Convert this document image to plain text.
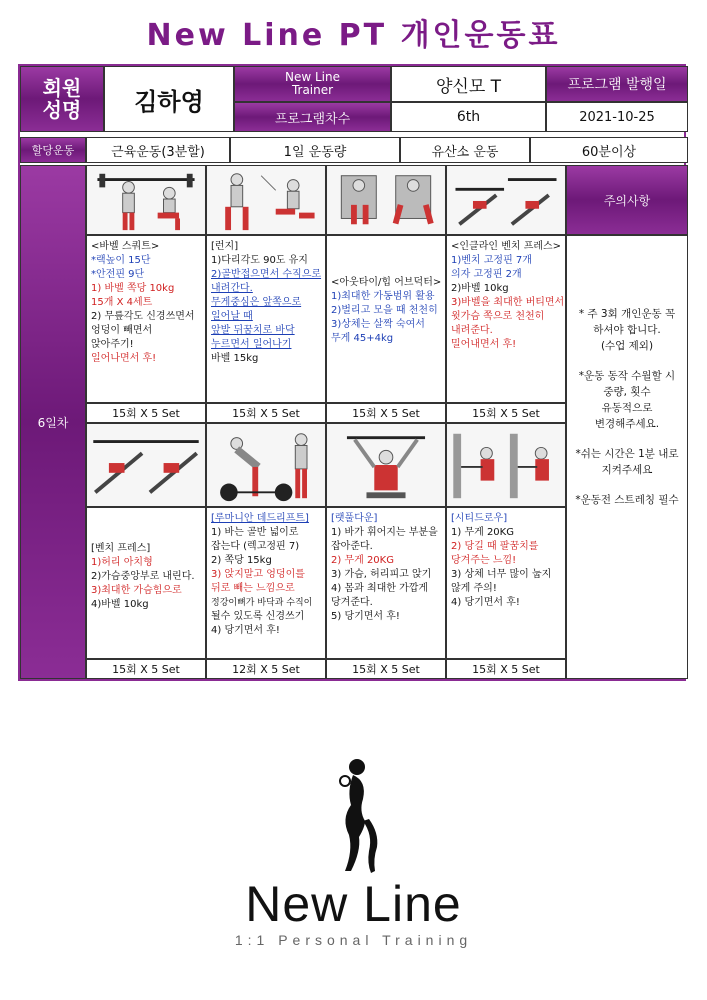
New Line PT 개인운동표
회원
성명	김하영
New Line
Trainer	양신모 T	프로그램 발행일
프로그램차수	6th	2021-10-25
할당운동	근육운동(3분할)	1일 운동량	유산소 운동	60분이상
6일차
주의사항

* 주 3회 개인운동 꼭
하셔야 합니다.
(수업 제외)

*운동 동작 수월할 시
중량, 횟수
유동적으로
변경해주세요.

*쉬는 시간은 1분 내로
지켜주세요

*운동전 스트레칭 필수

<바벨 스쿼트>
*랙높이 15단
*안전핀 9단
1) 바벨 쪽당 10kg
15개 X 4세트
2) 무릎각도 신경쓰면서
엉덩이 빼면서
앉아주기!
일어나면서 후!
[런지]
1)다리각도 90도 유지
2)골반접으면서 수직으로
내려간다.
무게중심은 앞쪽으로
일어날 때
앞발 뒤꿈치로 바닥
누르면서 일어나기
바벨 15kg
<아웃타이/힙 어브덕터>
1)최대한 가동범위 활용
2)벌리고 모을 때 천천히
3)상체는 살짝 숙여서
무게 45+4kg
<인클라인 벤치 프레스>
1)벤치 고정핀 7개
의자 고정핀 2개
2)바벨 10kg
3)바벨을 최대한 버티면서
윗가슴 쪽으로 천천히
내려준다.
밀어내면서 후!
15회 X 5 Set	15회 X 5 Set	15회 X 5 Set	15회 X 5 Set
[벤치 프레스]
1)허리 아치형
2)가슴중앙부로 내린다.
3)최대한 가슴힘으로
4)바벨 10kg
[루마니안 데드리프트]
1) 바는 골반 넓이로
잡는다 (렉고정핀 7)
2) 쪽당 15kg
3) 앉지말고 엉덩이를
뒤로 빼는 느낌으로
정강이뼈가 바닥과 수직이
될수 있도록 신경쓰기
4) 당기면서 후!
[랫풀다운]
1) 바가 휘어지는 부분을
잡아준다.
2) 무게 20KG
3) 가슴, 허리피고 앉기
4) 몸과 최대한 가깝게
당겨준다.
5) 당기면서 후!
[시티드로우]
1) 무게 20KG
2) 당길 때 팔꿈치를
당겨주는 느낌!
3) 상체 너무 많이 눕지
않게 주의!
4) 당기면서 후!
15회 X 5 Set	12회 X 5 Set	15회 X 5 Set	15회 X 5 Set
New Line
1:1 Personal Training
